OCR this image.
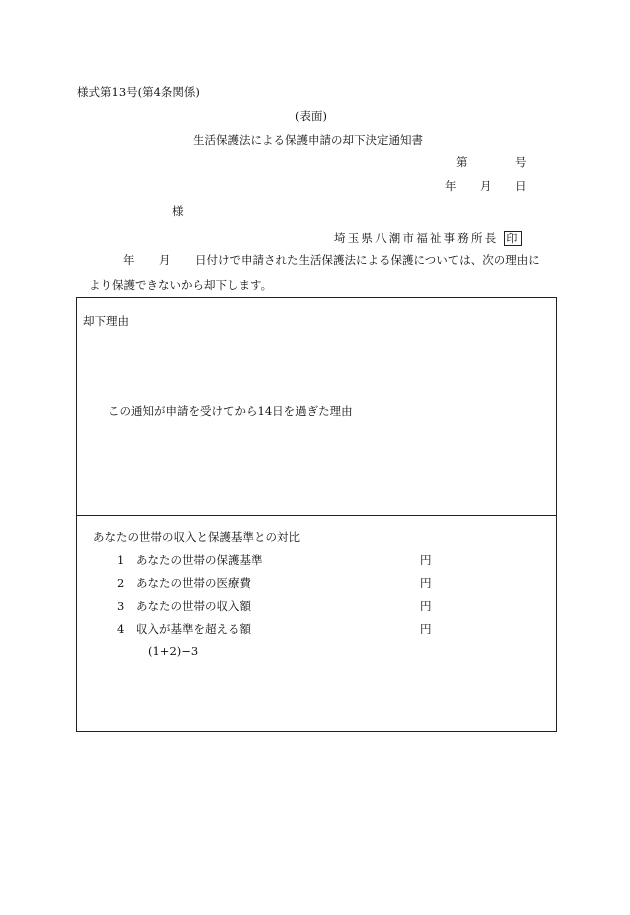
様式第13号(第4条関係)
(表面)
生活保護法による保護申請の却下決定通知書
第	号
年 月 日
様
埼玉県八潮市福祉事務所長 印
年 月 日付けで申請された生活保護法による保護については、次の理由に
より保護できないから却下します。
却下理由
この通知が申請を受けてから14日を過ぎた理由
あなたの世帯の収入と保護基準との対比
1 あなたの世帯の保護基準	円
2 あなたの世帯の医療費	円
3 あなたの世帯の収入額	円
4 収入が基準を超える額	円
(1+2)−3
